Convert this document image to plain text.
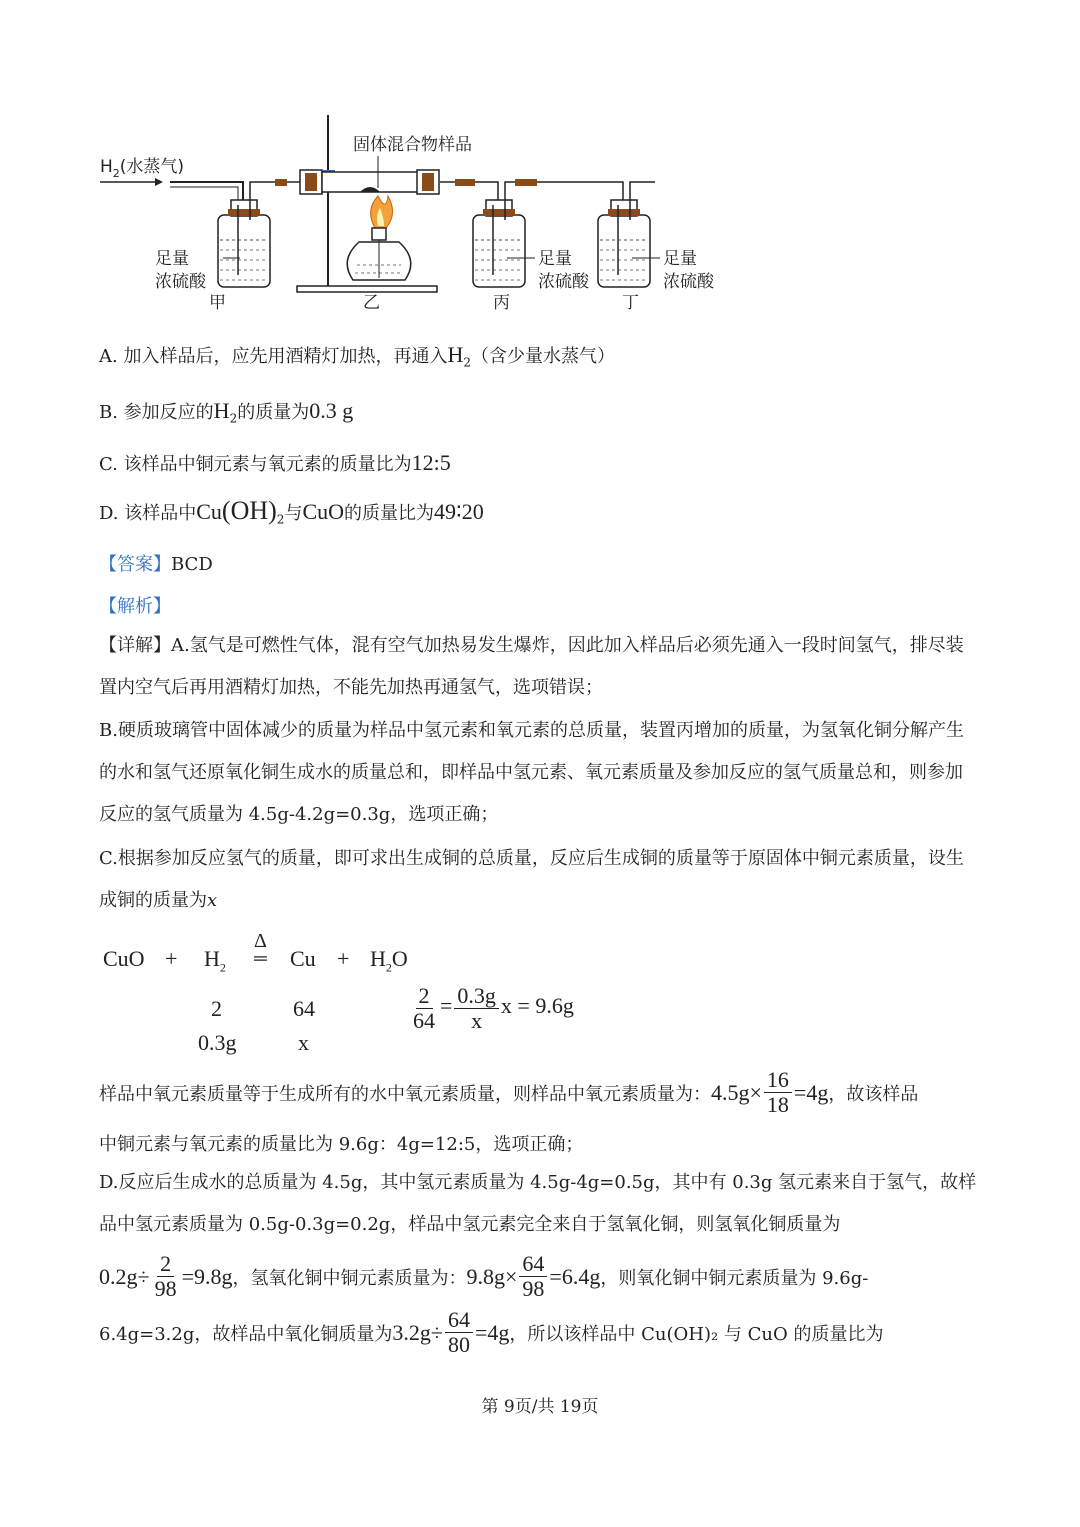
$H_2$(水蒸气)
固体混合物样品
足量
浓硫酸
足量
浓硫酸
足量
浓硫酸
甲	乙	丙	丁
A. 加入样品后，应先用酒精灯加热，再通入$H_2$（含少量水蒸气）
B. 参加反应的$H_2$的质量为0.3 g
C. 该样品中铜元素与氧元素的质量比为12:5
D. 该样品中$Cu(OH)_2$与CuO的质量比为49∶20
【答案】BCD
【解析】
【详解】A.氢气是可燃性气体，混有空气加热易发生爆炸，因此加入样品后必须先通入一段时间氢气，排尽装置内空气后再用酒精灯加热，不能先加热再通氢气，选项错误；
B.硬质玻璃管中固体减少的质量为样品中氢元素和氧元素的总质量，装置丙增加的质量，为氢氧化铜分解产生的水和氢气还原氧化铜生成水的质量总和，即样品中氢元素、氧元素质量及参加反应的氢气质量总和，则参加反应的氢气质量为 4.5g-4.2g=0.3g，选项正确；
C.根据参加反应氢气的质量，即可求出生成铜的总质量，反应后生成铜的质量等于原固体中铜元素质量，设生成铜的质量为x
CuO + $H_2$
Δ
═ $Cu + H_2O$
2	64
0.3g	x
$\frac{2}{64} = \frac{0.3g}{x}$ x = 9.6g
样品中氧元素质量等于生成所有的水中氧元素质量，则样品中氧元素质量为： $4.5g\times \frac{16}{18} =4g$ ，故该样品
中铜元素与氧元素的质量比为 9.6g：4g=12:5，选项正确；
D.反应后生成水的总质量为 4.5g，其中氢元素质量为 4.5g-4g=0.5g，其中有 0.3g 氢元素来自于氢气，故样品中氢元素质量为 0.5g-0.3g=0.2g，样品中氢元素完全来自于氢氧化铜，则氢氧化铜质量为
$0.2g\div \frac{2}{98} =9.8g$ ，氢氧化铜中铜元素质量为： $9.8g\times \frac{64}{98} =6.4g$ ，则氧化铜中铜元素质量为 9.6g-
6.4g=3.2g，故样品中氧化铜质量为 $3.2g\div \frac{64}{80} =4g$ ，所以该样品中 Cu(OH)₂ 与 CuO 的质量比为
第 9页/共 19页
